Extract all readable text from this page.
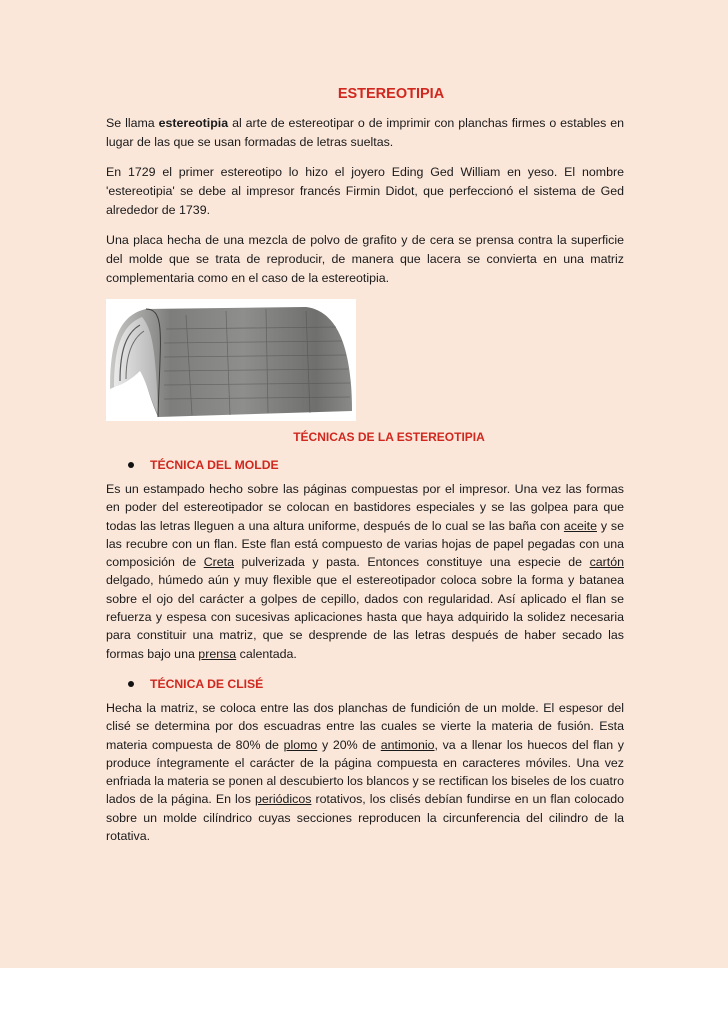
ESTEREOTIPIA

Se llama estereotipia al arte de estereotipar o de imprimir con planchas firmes o estables en lugar de las que se usan formadas de letras sueltas.

En 1729 el primer estereotipo lo hizo el joyero Eding Ged William en yeso. El nombre 'estereotipia' se debe al impresor francés Firmin Didot, que perfeccionó el sistema de Ged alrededor de 1739.

Una placa hecha de una mezcla de polvo de grafito y de cera se prensa contra la superficie del molde que se trata de reproducir, de manera que lacera se convierta en una matriz complementaria como en el caso de la estereotipia.

TÉCNICAS DE LA ESTEREOTIPIA
TÉCNICA DEL MOLDE

Es un estampado hecho sobre las páginas compuestas por el impresor. Una vez las formas en poder del estereotipador se colocan en bastidores especiales y se las golpea para que todas las letras lleguen a una altura uniforme, después de lo cual se las baña con aceite y se las recubre con un flan. Este flan está compuesto de varias hojas de papel pegadas con una composición de Creta pulverizada y pasta. Entonces constituye una especie de cartón delgado, húmedo aún y muy flexible que el estereotipador coloca sobre la forma y batanea sobre el ojo del carácter a golpes de cepillo, dados con regularidad. Así aplicado el flan se refuerza y espesa con sucesivas aplicaciones hasta que haya adquirido la solidez necesaria para constituir una matriz, que se desprende de las letras después de haber secado las formas bajo una prensa calentada.

TÉCNICA DE CLISÉ

Hecha la matriz, se coloca entre las dos planchas de fundición de un molde. El espesor del clisé se determina por dos escuadras entre las cuales se vierte la materia de fusión. Esta materia compuesta de 80% de plomo y 20% de antimonio, va a llenar los huecos del flan y produce íntegramente el carácter de la página compuesta en caracteres móviles. Una vez enfriada la materia se ponen al descubierto los blancos y se rectifican los biseles de los cuatro lados de la página. En los periódicos rotativos, los clisés debían fundirse en un flan colocado sobre un molde cilíndrico cuyas secciones reproducen la circunferencia del cilindro de la rotativa.
